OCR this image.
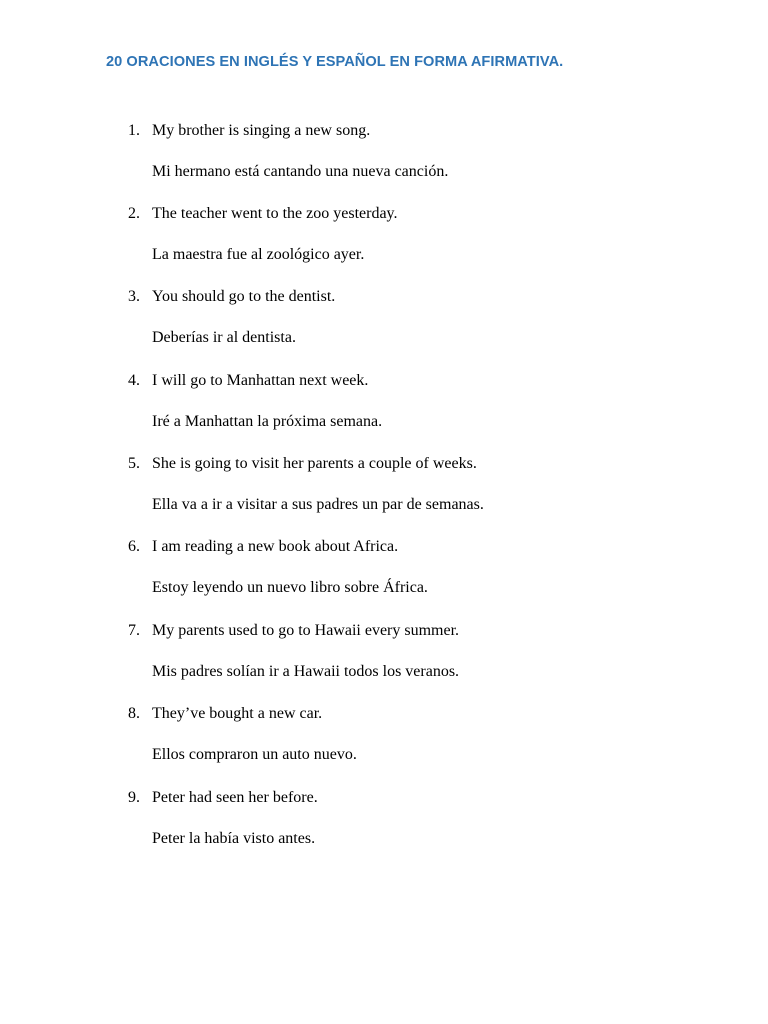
20 ORACIONES EN INGLÉS Y ESPAÑOL EN FORMA AFIRMATIVA.
1. My brother is singing a new song.
Mi hermano está cantando una nueva canción.
2. The teacher went to the zoo yesterday.
La maestra fue al zoológico ayer.
3. You should go to the dentist.
Deberías ir al dentista.
4. I will go to Manhattan next week.
Iré a Manhattan la próxima semana.
5. She is going to visit her parents a couple of weeks.
Ella va a ir a visitar a sus padres un par de semanas.
6. I am reading a new book about Africa.
Estoy leyendo un nuevo libro sobre África.
7. My parents used to go to Hawaii every summer.
Mis padres solían ir a Hawaii todos los veranos.
8. They’ve bought a new car.
Ellos compraron un auto nuevo.
9. Peter had seen her before.
Peter la había visto antes.
